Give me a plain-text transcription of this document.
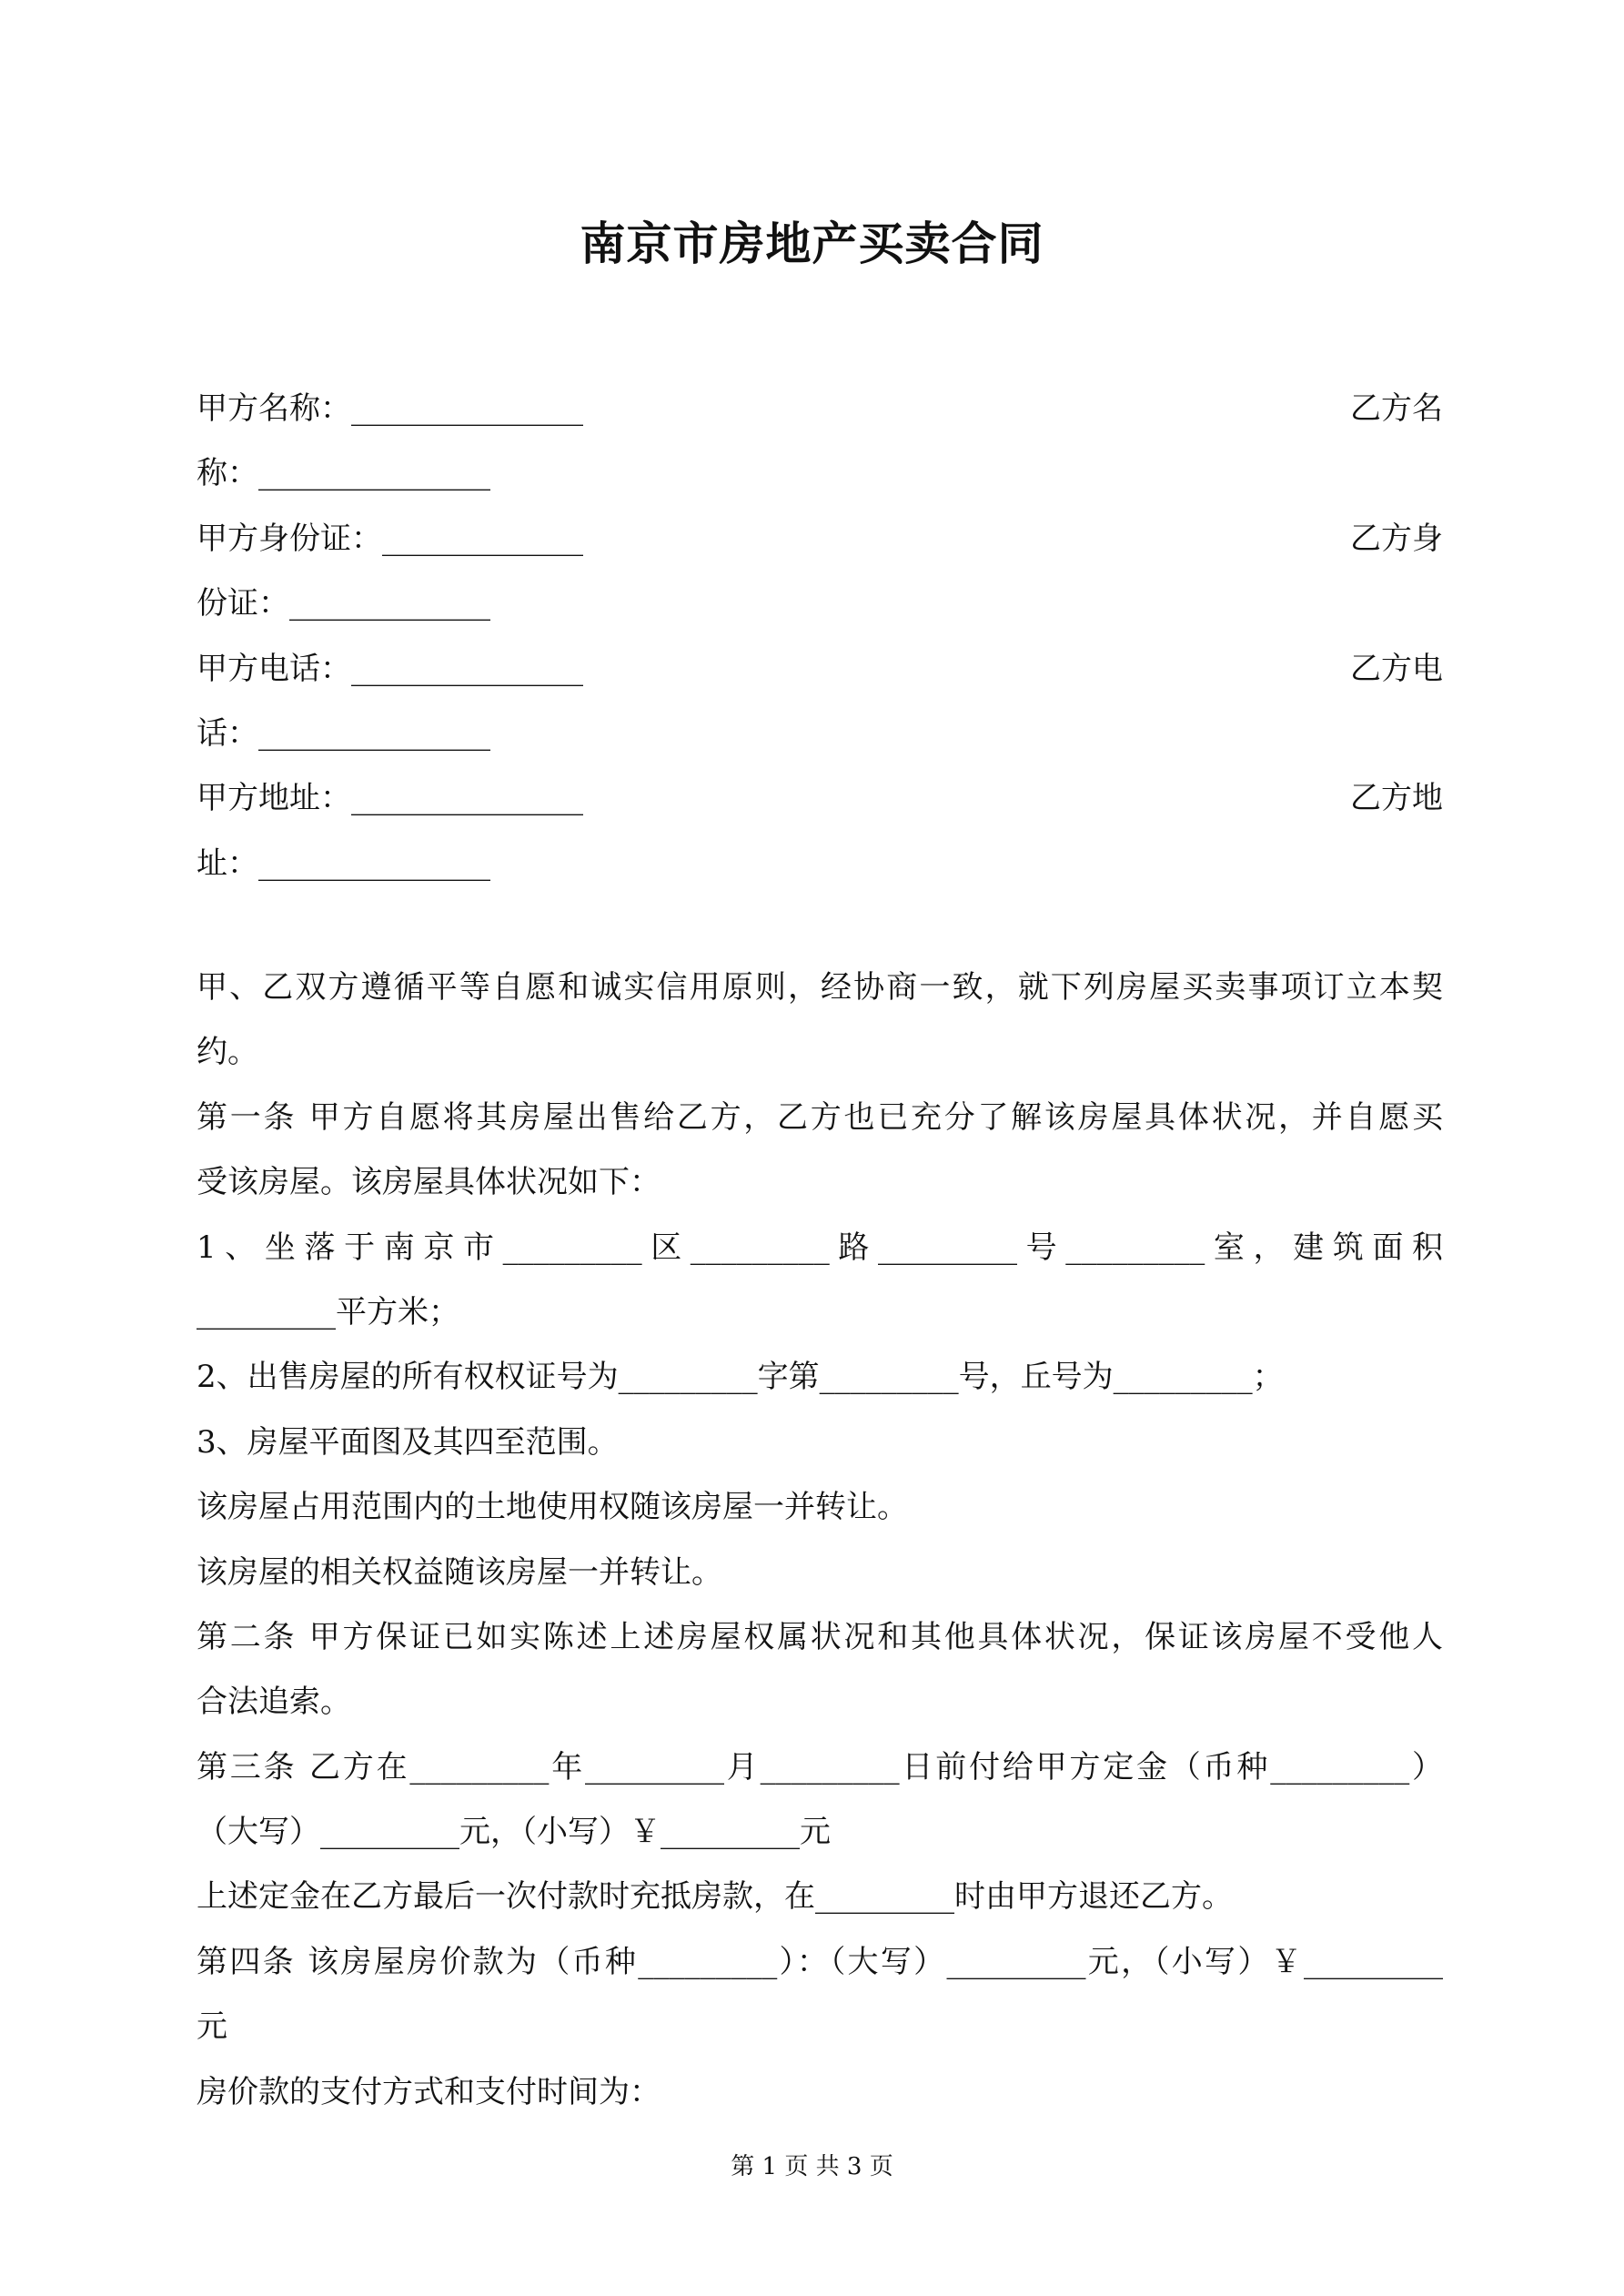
南京市房地产买卖合同
甲方名称：_______________	乙方名
称：_______________
甲方身份证：_____________	乙方身
份证：_____________
甲方电话：_______________	乙方电
话：_______________
甲方地址：_______________	乙方地
址：_______________
甲、乙双方遵循平等自愿和诚实信用原则，经协商一致，就下列房屋买卖事项订立本契
约。
第一条 甲方自愿将其房屋出售给乙方，乙方也已充分了解该房屋具体状况，并自愿买
受该房屋。该房屋具体状况如下：
1、坐落于南京市_________区_________路_________号_________室，建筑面积
_________平方米；
2、出售房屋的所有权权证号为_________字第_________号，丘号为_________；
3、房屋平面图及其四至范围。
该房屋占用范围内的土地使用权随该房屋一并转让。
该房屋的相关权益随该房屋一并转让。
第二条 甲方保证已如实陈述上述房屋权属状况和其他具体状况，保证该房屋不受他人
合法追索。
第三条 乙方在_________年_________月_________日前付给甲方定金（币种_________）
（大写）_________元，（小写）￥_________元
上述定金在乙方最后一次付款时充抵房款，在_________时由甲方退还乙方。
第四条 该房屋房价款为（币种_________）：（大写）_________元，（小写）￥_________
元
房价款的支付方式和支付时间为：
第 1 页 共 3 页
